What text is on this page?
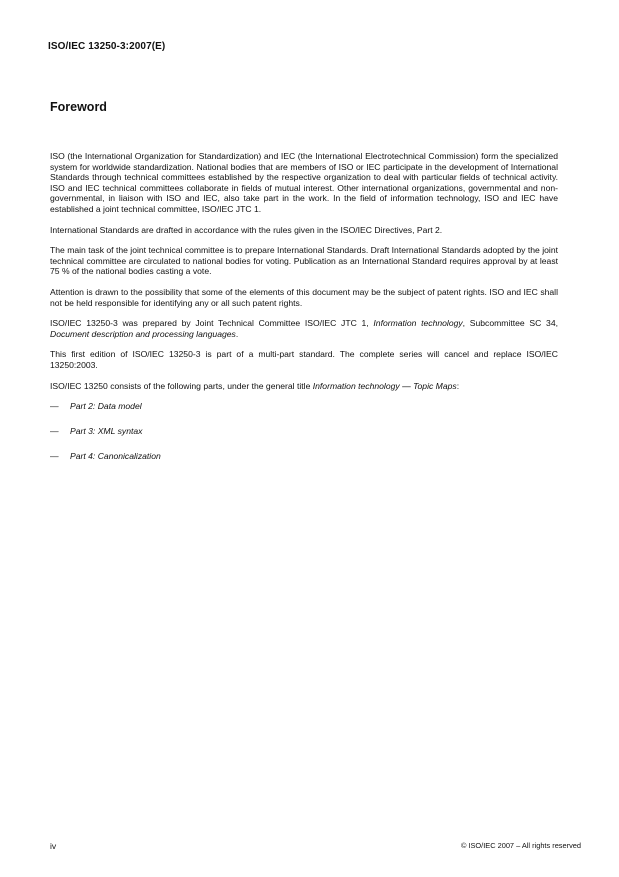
ISO/IEC 13250-3:2007(E)
Foreword

ISO (the International Organization for Standardization) and IEC (the International Electrotechnical Commission) form the specialized system for worldwide standardization. National bodies that are members of ISO or IEC participate in the development of International Standards through technical committees established by the respective organization to deal with particular fields of technical activity. ISO and IEC technical committees collaborate in fields of mutual interest. Other international organizations, governmental and non-governmental, in liaison with ISO and IEC, also take part in the work. In the field of information technology, ISO and IEC have established a joint technical committee, ISO/IEC JTC 1.

International Standards are drafted in accordance with the rules given in the ISO/IEC Directives, Part 2.

The main task of the joint technical committee is to prepare International Standards. Draft International Standards adopted by the joint technical committee are circulated to national bodies for voting. Publication as an International Standard requires approval by at least 75 % of the national bodies casting a vote.

Attention is drawn to the possibility that some of the elements of this document may be the subject of patent rights. ISO and IEC shall not be held responsible for identifying any or all such patent rights.

ISO/IEC 13250-3 was prepared by Joint Technical Committee ISO/IEC JTC 1, Information technology, Subcommittee SC 34, Document description and processing languages.

This first edition of ISO/IEC 13250-3 is part of a multi-part standard. The complete series will cancel and replace ISO/IEC 13250:2003.

ISO/IEC 13250 consists of the following parts, under the general title Information technology — Topic Maps:

—	Part 2: Data model
—	Part 3: XML syntax
—	Part 4: Canonicalization
iv	© ISO/IEC 2007 – All rights reserved
